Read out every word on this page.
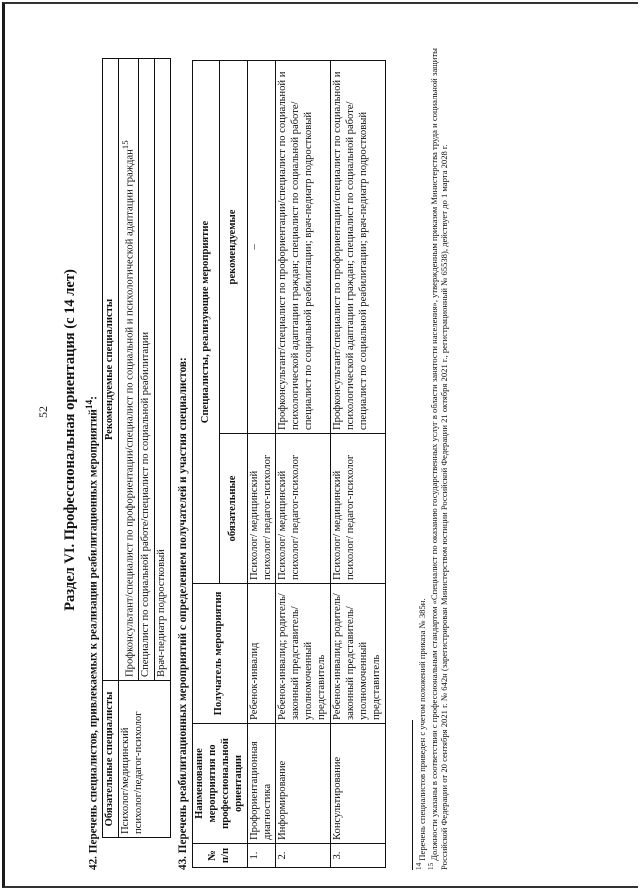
52 Раздел VI. Профессиональная ориентация (с 14 лет) 42. Перечень специалистов, привлекаемых к реализации реабилитационных мероприятий$^{14}$:
Обязательные специалисты	Рекомендуемые специалисты
Психолог/медицинский психолог/педагог-психолог	Профконсультант/специалист по профориентации/специалист по социальной и психологической адаптации граждан$^{15}$
	Специалист по социальной работе/специалист по социальной реабилитации
	Врач-педиатр подростковый 43. Перечень реабилитационных мероприятий с определением получателей и участия специалистов: № п/п	Наименование мероприятия по профессиональной ориентации	Получатель мероприятия	Специалисты, реализующие мероприятие	
			обязательные	рекомендуемые
1.	Профориентационная диагностика	Ребенок-инвалид	Психолог/ медицинский психолог/ педагог-психолог	–
2.	Информирование	Ребенок-инвалид; родитель/ законный представитель/ уполномоченный представитель	Психолог/ медицинский психолог/ педагог-психолог	Профконсультант/специалист по профориентации/специалист по социальной и психологической адаптации граждан; специалист по социальной работе/специалист по социальной реабилитации; врач-педиатр подростковый
3.	Консультирование	Ребенок-инвалид; родитель/ законный представитель/ уполномоченный представитель	Психолог/ медицинский психолог/ педагог-психолог	Профконсультант/специалист по профориентации/специалист по социальной и психологической адаптации граждан; специалист по социальной работе/специалист по социальной реабилитации; врач-педиатр подростковый
$^{14}$ Перечень специалистов приведен с учетом положений приказа № 385н.
$^{15}$ Должности указаны в соответствии с профессиональным стандартом «Специалист по оказанию государственных услуг в области занятости населения», утвержденным приказом Министерства труда и социальной защиты Российской Федерации от 20 сентября 2021 г. № 642н (зарегистрирован Министерством юстиции Российской Федерации 21 октября 2021 г., регистрационный № 65538), действует до 1 марта 2028 г.
